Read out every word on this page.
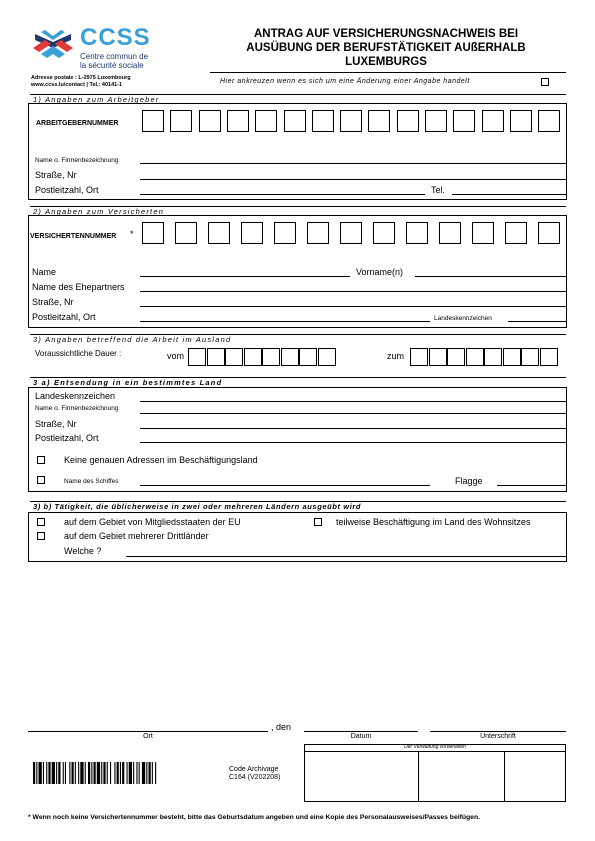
CCSS
Centre commun de
la sécurité sociale
Adresse postale : L-2975 Luxembourg
www.ccss.lu/contact | Tel.: 40141-1
ANTRAG AUF VERSICHERUNGSNACHWEIS BEI
AUSÜBUNG DER BERUFSTÄTIGKEIT AUßERHALB
LUXEMBURGS
Hier ankreuzen wenn es sich um eine Änderung einer Angabe handelt
1) Angaben zum Arbeitgeber
ARBEITGEBERNUMMER
Name o. Firmenbezeichnung
Straße, Nr
Postleitzahl, Ort	Tel.
2) Angaben zum Versicherten
VERSICHERTENNUMMER *
Name	Vorname(n)
Name des Ehepartners
Straße, Nr
Postleitzahl, Ort	Landeskennzeichen
3) Angaben betreffend die Arbeit im Ausland
Voraussichtliche Dauer :	vom	zum
3 a) Entsendung in ein bestimmtes Land
Landeskennzeichen
Name o. Firmenbezeichnung
Straße, Nr
Postleitzahl, Ort
Keine genauen Adressen im Beschäftigungsland
Name des Schiffes	Flagge
3) b) Tätigkeit, die üblicherweise in zwei oder mehreren Ländern ausgeübt wird
auf dem Gebiet von Mitgliedsstaaten der EU	teilweise Beschäftigung im Land des Wohnsitzes
auf dem Gebiet mehrerer Drittländer
Welche ?
, den
Ort	Datum	Unterschrift
Code Archivage
C164 (V202208)
Der Verwaltung vorbehalten
* Wenn noch keine Versichertennummer besteht, bitte das Geburtsdatum angeben und eine Kopie des Personalausweises/Passes beifügen.
